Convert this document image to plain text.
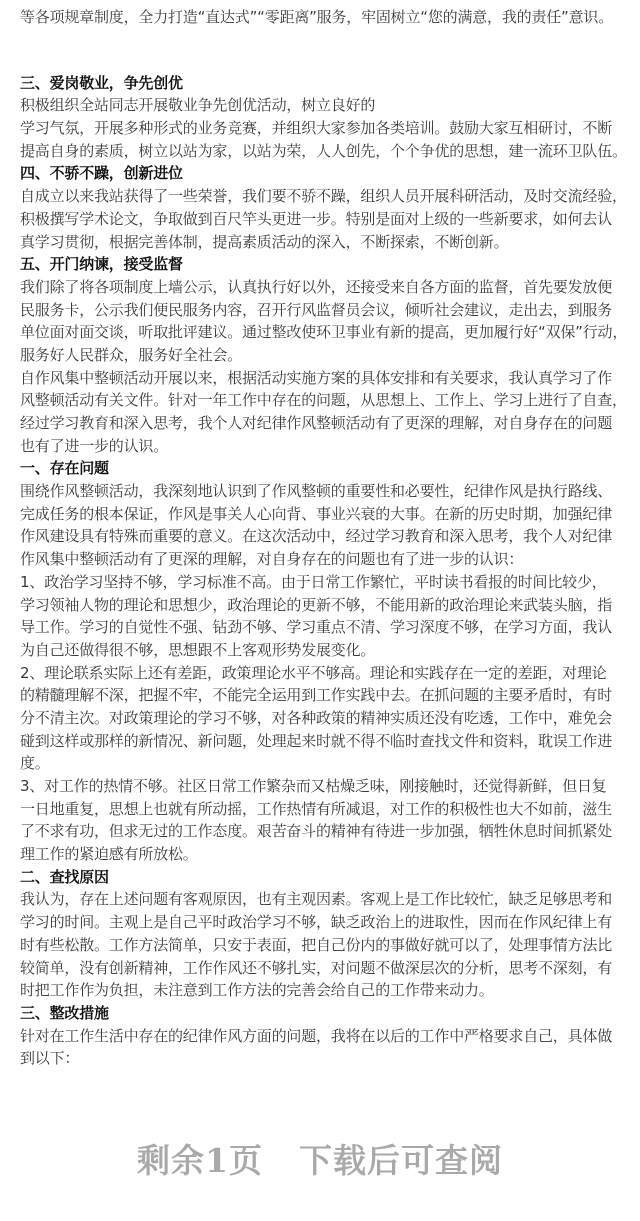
等各项规章制度，全力打造“直达式”“零距离”服务，牢固树立“您的满意，我的责任”意识。
三、爱岗敬业，争先创优
积极组织全站同志开展敬业争先创优活动，树立良好的
学习气氛，开展多种形式的业务竞赛，并组织大家参加各类培训。鼓励大家互相研讨，不断
提高自身的素质，树立以站为家，以站为荣，人人创先，个个争优的思想，建一流环卫队伍。
四、不骄不躁，创新进位
自成立以来我站获得了一些荣誉，我们要不骄不躁，组织人员开展科研活动，及时交流经验，
积极撰写学术论文，争取做到百尺竿头更进一步。特别是面对上级的一些新要求，如何去认
真学习贯彻，根据完善体制，提高素质活动的深入，不断探索，不断创新。
五、开门纳谏，接受监督
我们除了将各项制度上墙公示，认真执行好以外，还接受来自各方面的监督，首先要发放便
民服务卡，公示我们便民服务内容，召开行风监督员会议，倾听社会建议，走出去，到服务
单位面对面交谈，听取批评建议。通过整改使环卫事业有新的提高，更加履行好“双保”行动，
服务好人民群众，服务好全社会。
自作风集中整顿活动开展以来，根据活动实施方案的具体安排和有关要求，我认真学习了作
风整顿活动有关文件。针对一年工作中存在的问题，从思想上、工作上、学习上进行了自查，
经过学习教育和深入思考，我个人对纪律作风整顿活动有了更深的理解，对自身存在的问题
也有了进一步的认识。
一、存在问题
围绕作风整顿活动，我深刻地认识到了作风整顿的重要性和必要性，纪律作风是执行路线、
完成任务的根本保证，作风是事关人心向背、事业兴衰的大事。在新的历史时期，加强纪律
作风建设具有特殊而重要的意义。在这次活动中，经过学习教育和深入思考，我个人对纪律
作风集中整顿活动有了更深的理解，对自身存在的问题也有了进一步的认识：
1、政治学习坚持不够，学习标准不高。由于日常工作繁忙，平时读书看报的时间比较少，
学习领袖人物的理论和思想少，政治理论的更新不够，不能用新的政治理论来武装头脑，指
导工作。学习的自觉性不强、钻劲不够、学习重点不清、学习深度不够，在学习方面，我认
为自己还做得很不够，思想跟不上客观形势发展变化。
2、理论联系实际上还有差距，政策理论水平不够高。理论和实践存在一定的差距，对理论
的精髓理解不深，把握不牢，不能完全运用到工作实践中去。在抓问题的主要矛盾时，有时
分不清主次。对政策理论的学习不够，对各种政策的精神实质还没有吃透，工作中，难免会
碰到这样或那样的新情况、新问题，处理起来时就不得不临时查找文件和资料，耽误工作进
度。
3、对工作的热情不够。社区日常工作繁杂而又枯燥乏味，刚接触时，还觉得新鲜，但日复
一日地重复，思想上也就有所动摇，工作热情有所减退，对工作的积极性也大不如前，滋生
了不求有功，但求无过的工作态度。艰苦奋斗的精神有待进一步加强，牺牲休息时间抓紧处
理工作的紧迫感有所放松。
二、查找原因
我认为，存在上述问题有客观原因，也有主观因素。客观上是工作比较忙，缺乏足够思考和
学习的时间。主观上是自己平时政治学习不够，缺乏政治上的进取性，因而在作风纪律上有
时有些松散。工作方法简单，只安于表面，把自己份内的事做好就可以了，处理事情方法比
较简单，没有创新精神，工作作风还不够扎实，对问题不做深层次的分析，思考不深刻，有
时把工作作为负担，未注意到工作方法的完善会给自己的工作带来动力。
三、整改措施
针对在工作生活中存在的纪律作风方面的问题，我将在以后的工作中严格要求自己，具体做
到以下：
剩余1页 下载后可查阅
